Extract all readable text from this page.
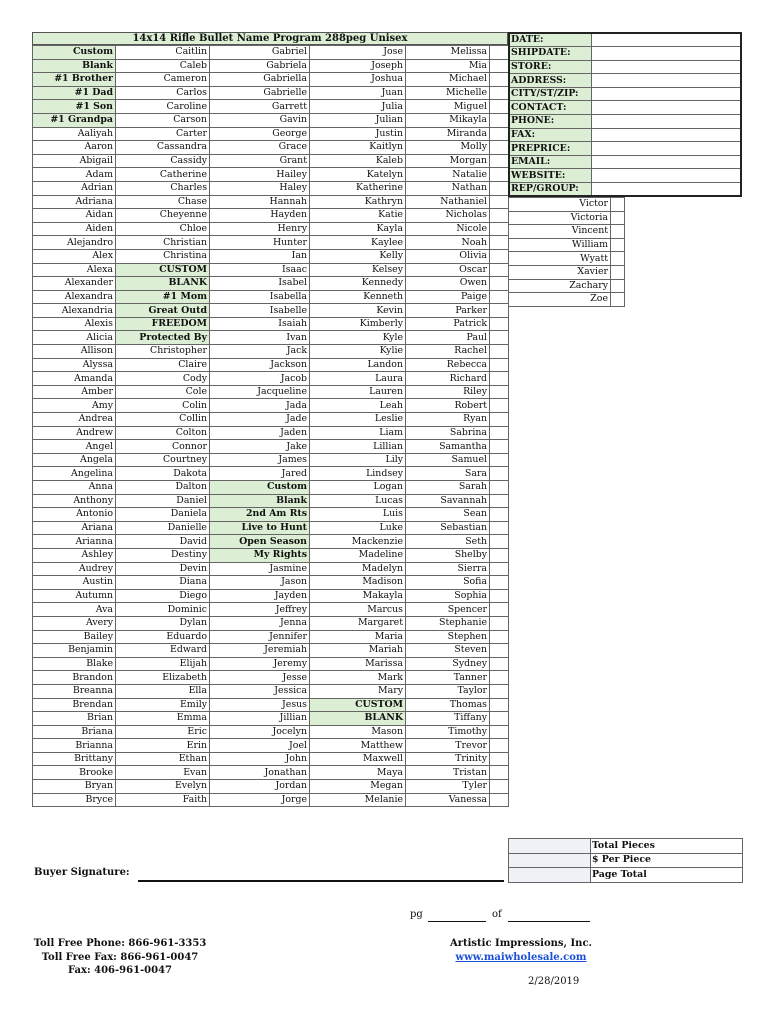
14x14 Rifle Bullet Name Program 288peg Unisex
Custom	Caitlin	Gabriel	Jose	Melissa	
Blank	Caleb	Gabriela	Joseph	Mia	
#1 Brother	Cameron	Gabriella	Joshua	Michael	
#1 Dad	Carlos	Gabrielle	Juan	Michelle	
#1 Son	Caroline	Garrett	Julia	Miguel	
#1 Grandpa	Carson	Gavin	Julian	Mikayla	
Aaliyah	Carter	George	Justin	Miranda	
Aaron	Cassandra	Grace	Kaitlyn	Molly	
Abigail	Cassidy	Grant	Kaleb	Morgan	
Adam	Catherine	Hailey	Katelyn	Natalie	
Adrian	Charles	Haley	Katherine	Nathan	
Adriana	Chase	Hannah	Kathryn	Nathaniel	
Aidan	Cheyenne	Hayden	Katie	Nicholas	
Aiden	Chloe	Henry	Kayla	Nicole	
Alejandro	Christian	Hunter	Kaylee	Noah	
Alex	Christina	Ian	Kelly	Olivia	
Alexa	CUSTOM	Isaac	Kelsey	Oscar	
Alexander	BLANK	Isabel	Kennedy	Owen	
Alexandra	#1 Mom	Isabella	Kenneth	Paige	
Alexandria	Great Outd	Isabelle	Kevin	Parker	
Alexis	FREEDOM	Isaiah	Kimberly	Patrick	
Alicia	Protected By	Ivan	Kyle	Paul	
Allison	Christopher	Jack	Kylie	Rachel	
Alyssa	Claire	Jackson	Landon	Rebecca	
Amanda	Cody	Jacob	Laura	Richard	
Amber	Cole	Jacqueline	Lauren	Riley	
Amy	Colin	Jada	Leah	Robert	
Andrea	Collin	Jade	Leslie	Ryan	
Andrew	Colton	Jaden	Liam	Sabrina	
Angel	Connor	Jake	Lillian	Samantha	
Angela	Courtney	James	Lily	Samuel	
Angelina	Dakota	Jared	Lindsey	Sara	
Anna	Dalton	Custom	Logan	Sarah	
Anthony	Daniel	Blank	Lucas	Savannah	
Antonio	Daniela	2nd Am Rts	Luis	Sean	
Ariana	Danielle	Live to Hunt	Luke	Sebastian	
Arianna	David	Open Season	Mackenzie	Seth	
Ashley	Destiny	My Rights	Madeline	Shelby	
Audrey	Devin	Jasmine	Madelyn	Sierra	
Austin	Diana	Jason	Madison	Sofia	
Autumn	Diego	Jayden	Makayla	Sophia	
Ava	Dominic	Jeffrey	Marcus	Spencer	
Avery	Dylan	Jenna	Margaret	Stephanie	
Bailey	Eduardo	Jennifer	Maria	Stephen	
Benjamin	Edward	Jeremiah	Mariah	Steven	
Blake	Elijah	Jeremy	Marissa	Sydney	
Brandon	Elizabeth	Jesse	Mark	Tanner	
Breanna	Ella	Jessica	Mary	Taylor	
Brendan	Emily	Jesus	CUSTOM	Thomas	
Brian	Emma	Jillian	BLANK	Tiffany	
Briana	Eric	Jocelyn	Mason	Timothy	
Brianna	Erin	Joel	Matthew	Trevor	
Brittany	Ethan	John	Maxwell	Trinity	
Brooke	Evan	Jonathan	Maya	Tristan	
Bryan	Evelyn	Jordan	Megan	Tyler	
Bryce	Faith	Jorge	Melanie	Vanessa	
DATE:	
SHIPDATE:	
STORE:	
ADDRESS:	
CITY/ST/ZIP:	
CONTACT:	
PHONE:	
FAX:	
PREPRICE:	
EMAIL:	
WEBSITE:	
REP/GROUP:	
Victor	
Victoria	
Vincent	
William	
Wyatt	
Xavier	
Zachary	
Zoe	
	Total Pieces
	$ Per Piece
	Page Total
Buyer Signature:
pg	of
Toll Free Phone: 866-961-3353
Toll Free Fax: 866-961-0047
Fax: 406-961-0047
Artistic Impressions, Inc.
www.maiwholesale.com
2/28/2019
